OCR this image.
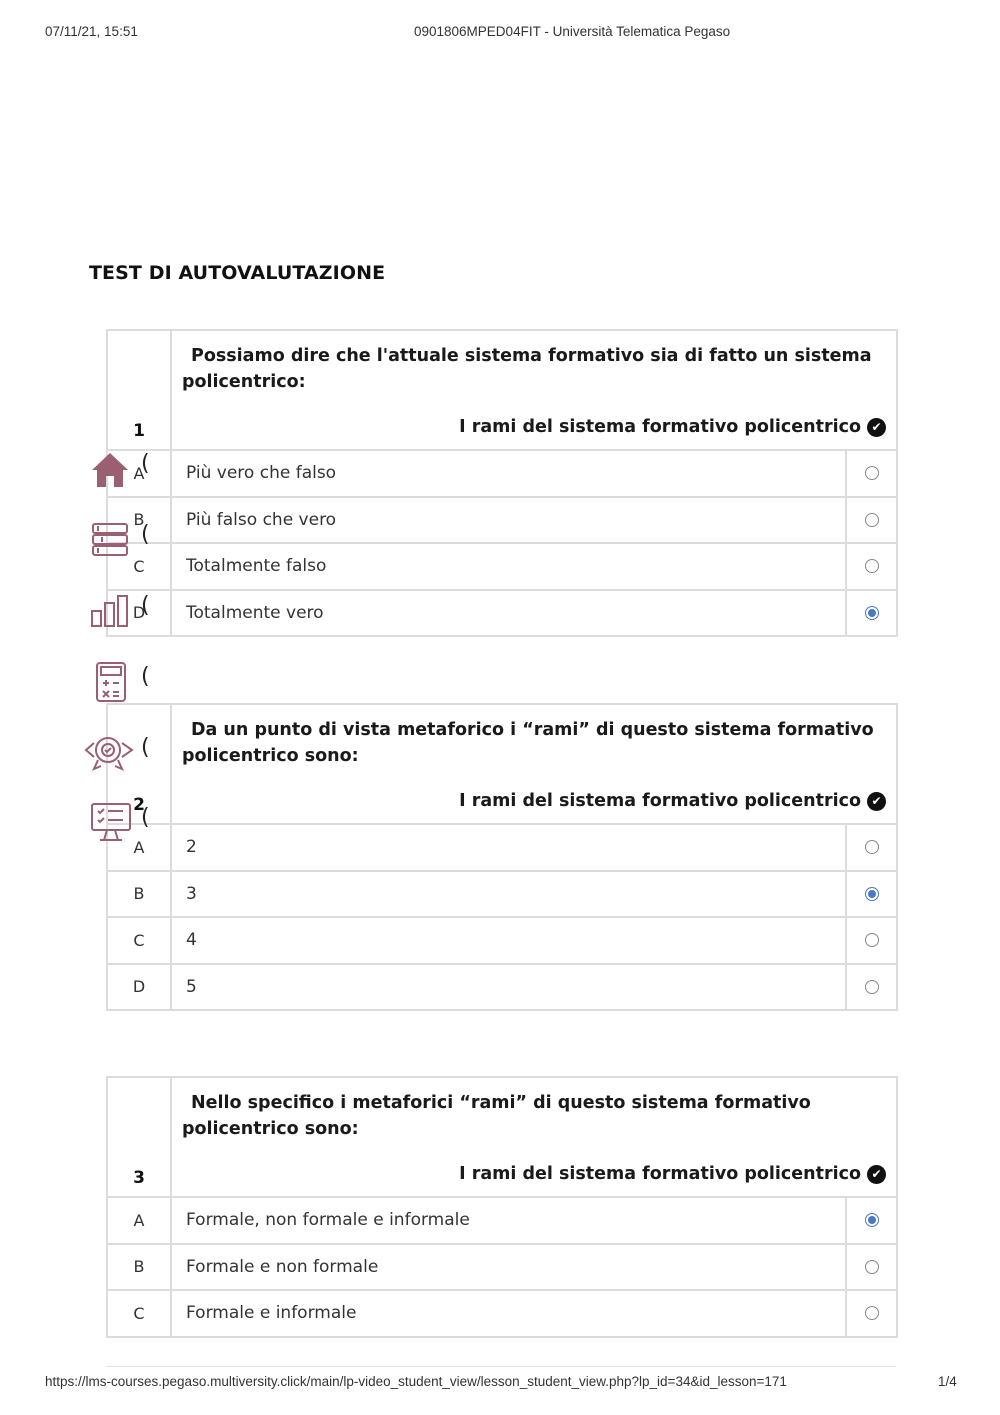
07/11/21, 15:51	0901806MPED04FIT - Università Telematica Pegaso
TEST DI AUTOVALUTAZIONE
1
Possiamo dire che l'attuale sistema formativo sia di fatto un sistema policentrico:
I rami del sistema formativo policentrico ✔
A	Più vero che falso
B	Più falso che vero
C	Totalmente falso
D	Totalmente vero
2
Da un punto di vista metaforico i “rami” di questo sistema formativo policentrico sono:
I rami del sistema formativo policentrico ✔
A	2
B	3
C	4
D	5
3
Nello specifico i metaforici “rami” di questo sistema formativo policentrico sono:
I rami del sistema formativo policentrico ✔
A	Formale, non formale e informale
B	Formale e non formale
C	Formale e informale
(
(
(
(
(
(
https://lms-courses.pegaso.multiversity.click/main/lp-video_student_view/lesson_student_view.php?lp_id=34&id_lesson=171	1/4
